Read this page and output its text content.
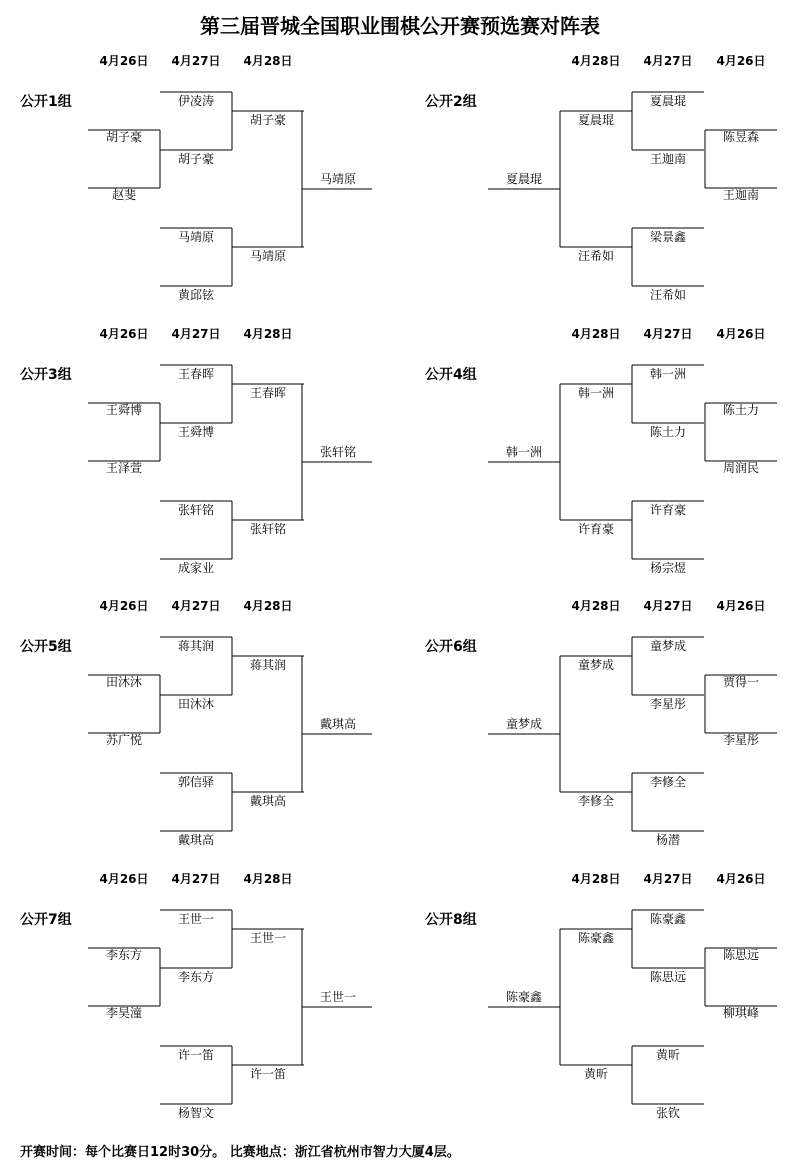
第三届晋城全国职业围棋公开赛预选赛对阵表
4月26日 4月27日 4月28日
公开1组
胡子豪
赵斐
伊凌涛
胡子豪
马靖原
黄邱铉
胡子豪
马靖原
马靖原
4月28日 4月27日 4月26日
公开2组
陈昱森
王迦南
夏晨琨
王迦南
梁景鑫
汪希如
夏晨琨
汪希如
夏晨琨
4月26日 4月27日 4月28日
公开3组
王舜博
王泽萱
王春晖
王舜博
张轩铭
成家业
王春晖
张轩铭
张轩铭
4月28日 4月27日 4月26日
公开4组
陈土力
周润民
韩一洲
陈土力
许育豪
杨宗煜
韩一洲
许育豪
韩一洲
4月26日 4月27日 4月28日
公开5组
田沐沐
苏广悦
蒋其润
田沐沐
郭信驿
戴琪高
蒋其润
戴琪高
戴琪高
4月28日 4月27日 4月26日
公开6组
贾得一
李星彤
童梦成
李星彤
李修全
杨潜
童梦成
李修全
童梦成
4月26日 4月27日 4月28日
公开7组
李东方
李昊潼
王世一
李东方
许一笛
杨智文
王世一
许一笛
王世一
4月28日 4月27日 4月26日
公开8组
陈思远
柳琪峰
陈豪鑫
陈思远
黄昕
张钦
陈豪鑫
黄昕
陈豪鑫
开赛时间：每个比赛日12时30分。 比赛地点：浙江省杭州市智力大厦4层。
